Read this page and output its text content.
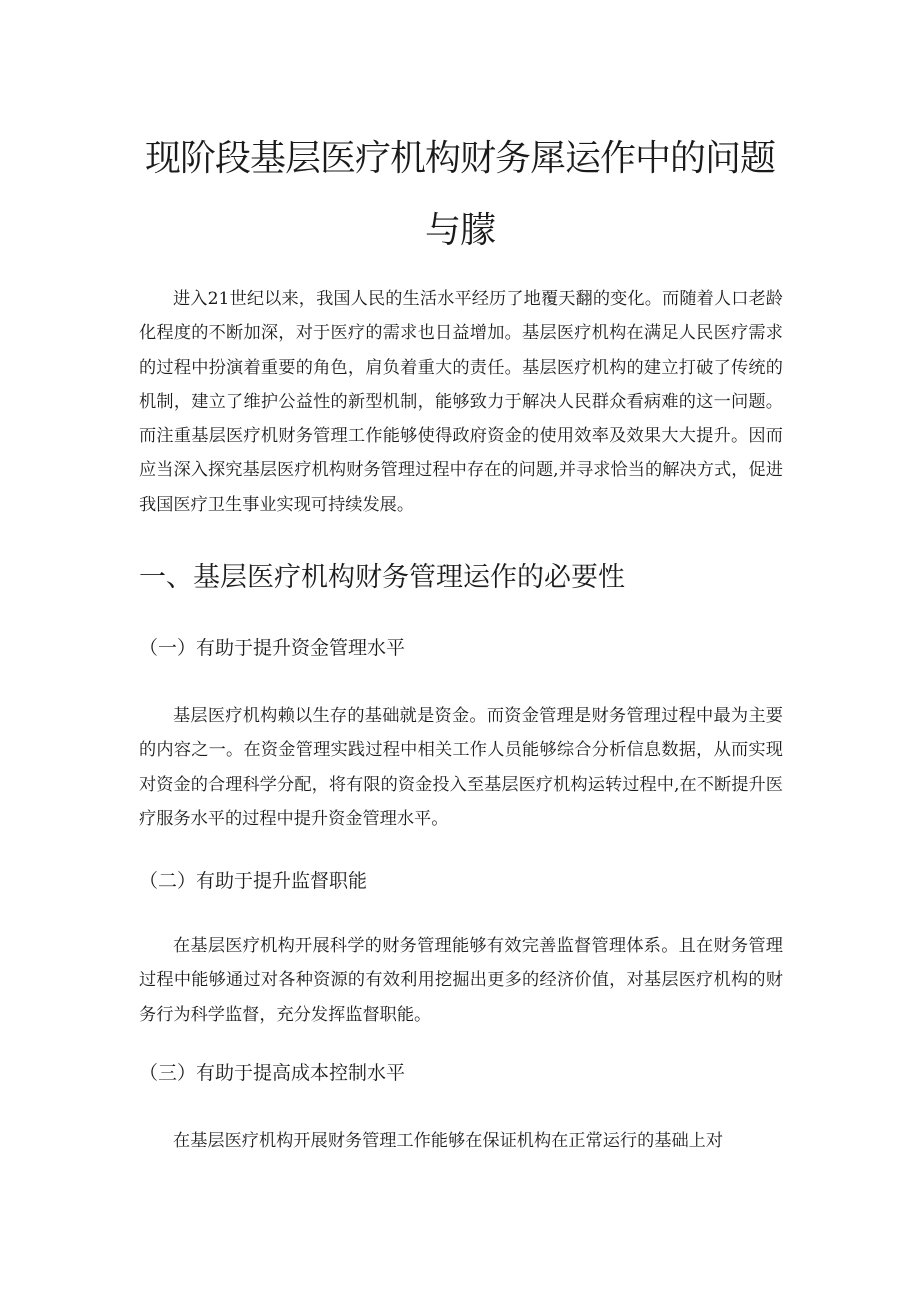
现阶段基层医疗机构财务犀运作中的问题
与朦

进入21世纪以来，我国人民的生活水平经历了地覆天翻的变化。而随着人口老龄化程度的不断加深，对于医疗的需求也日益增加。基层医疗机构在满足人民医疗需求的过程中扮演着重要的角色，肩负着重大的责任。基层医疗机构的建立打破了传统的机制，建立了维护公益性的新型机制，能够致力于解决人民群众看病难的这一问题。而注重基层医疗机财务管理工作能够使得政府资金的使用效率及效果大大提升。因而应当深入探究基层医疗机构财务管理过程中存在的问题,并寻求恰当的解决方式，促进我国医疗卫生事业实现可持续发展。

一、基层医疗机构财务管理运作的必要性
（一）有助于提升资金管理水平

基层医疗机构赖以生存的基础就是资金。而资金管理是财务管理过程中最为主要的内容之一。在资金管理实践过程中相关工作人员能够综合分析信息数据，从而实现对资金的合理科学分配，将有限的资金投入至基层医疗机构运转过程中,在不断提升医疗服务水平的过程中提升资金管理水平。

（二）有助于提升监督职能

在基层医疗机构开展科学的财务管理能够有效完善监督管理体系。且在财务管理过程中能够通过对各种资源的有效利用挖掘出更多的经济价值，对基层医疗机构的财务行为科学监督，充分发挥监督职能。

（三）有助于提高成本控制水平

在基层医疗机构开展财务管理工作能够在保证机构在正常运行的基础上对
